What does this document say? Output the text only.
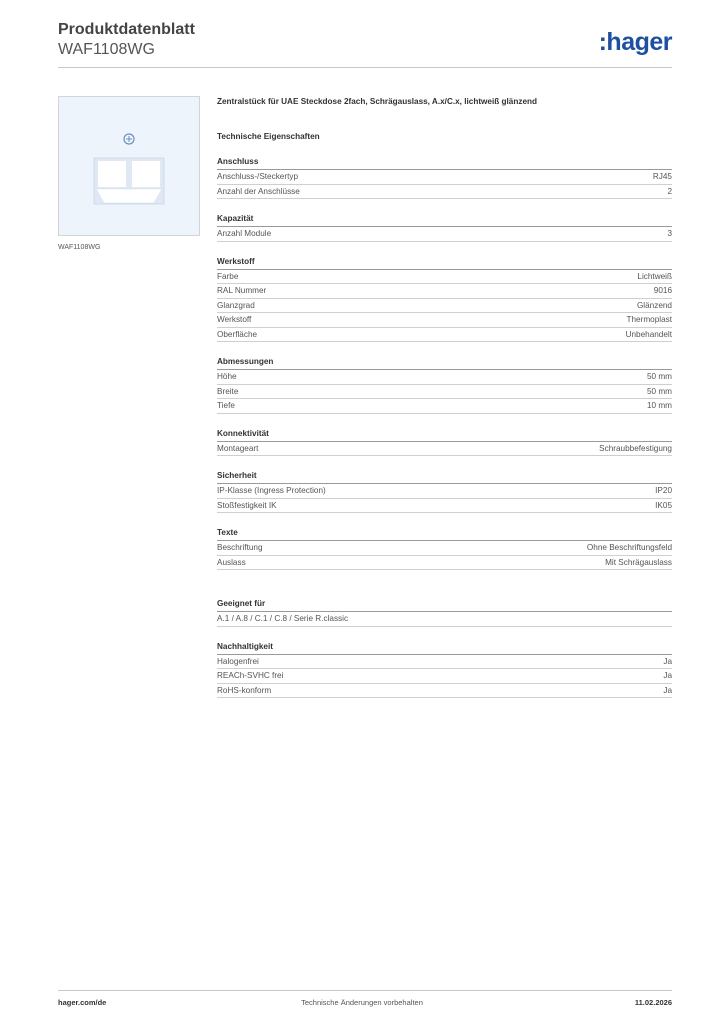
Produktdatenblatt
WAF1108WG	:hager
WAF1108WG
Zentralstück für UAE Steckdose 2fach, Schrägauslass, A.x/C.x, lichtweiß glänzend
Technische Eigenschaften
Anschluss
Anschluss-/Steckertyp	RJ45
Anzahl der Anschlüsse	2
Kapazität
Anzahl Module	3
Werkstoff
Farbe	Lichtweiß
RAL Nummer	9016
Glanzgrad	Glänzend
Werkstoff	Thermoplast
Oberfläche	Unbehandelt
Abmessungen
Höhe	50 mm
Breite	50 mm
Tiefe	10 mm
Konnektivität
Montageart	Schraubbefestigung
Sicherheit
IP-Klasse (Ingress Protection)	IP20
Stoßfestigkeit IK	IK05
Texte
Beschriftung	Ohne Beschriftungsfeld
Auslass	Mit Schrägauslass
Geeignet für
A.1 / A.8 / C.1 / C.8 / Serie R.classic
Nachhaltigkeit
Halogenfrei	Ja
REACh-SVHC frei	Ja
RoHS-konform	Ja
hager.com/de	Technische Änderungen vorbehalten	11.02.2026
